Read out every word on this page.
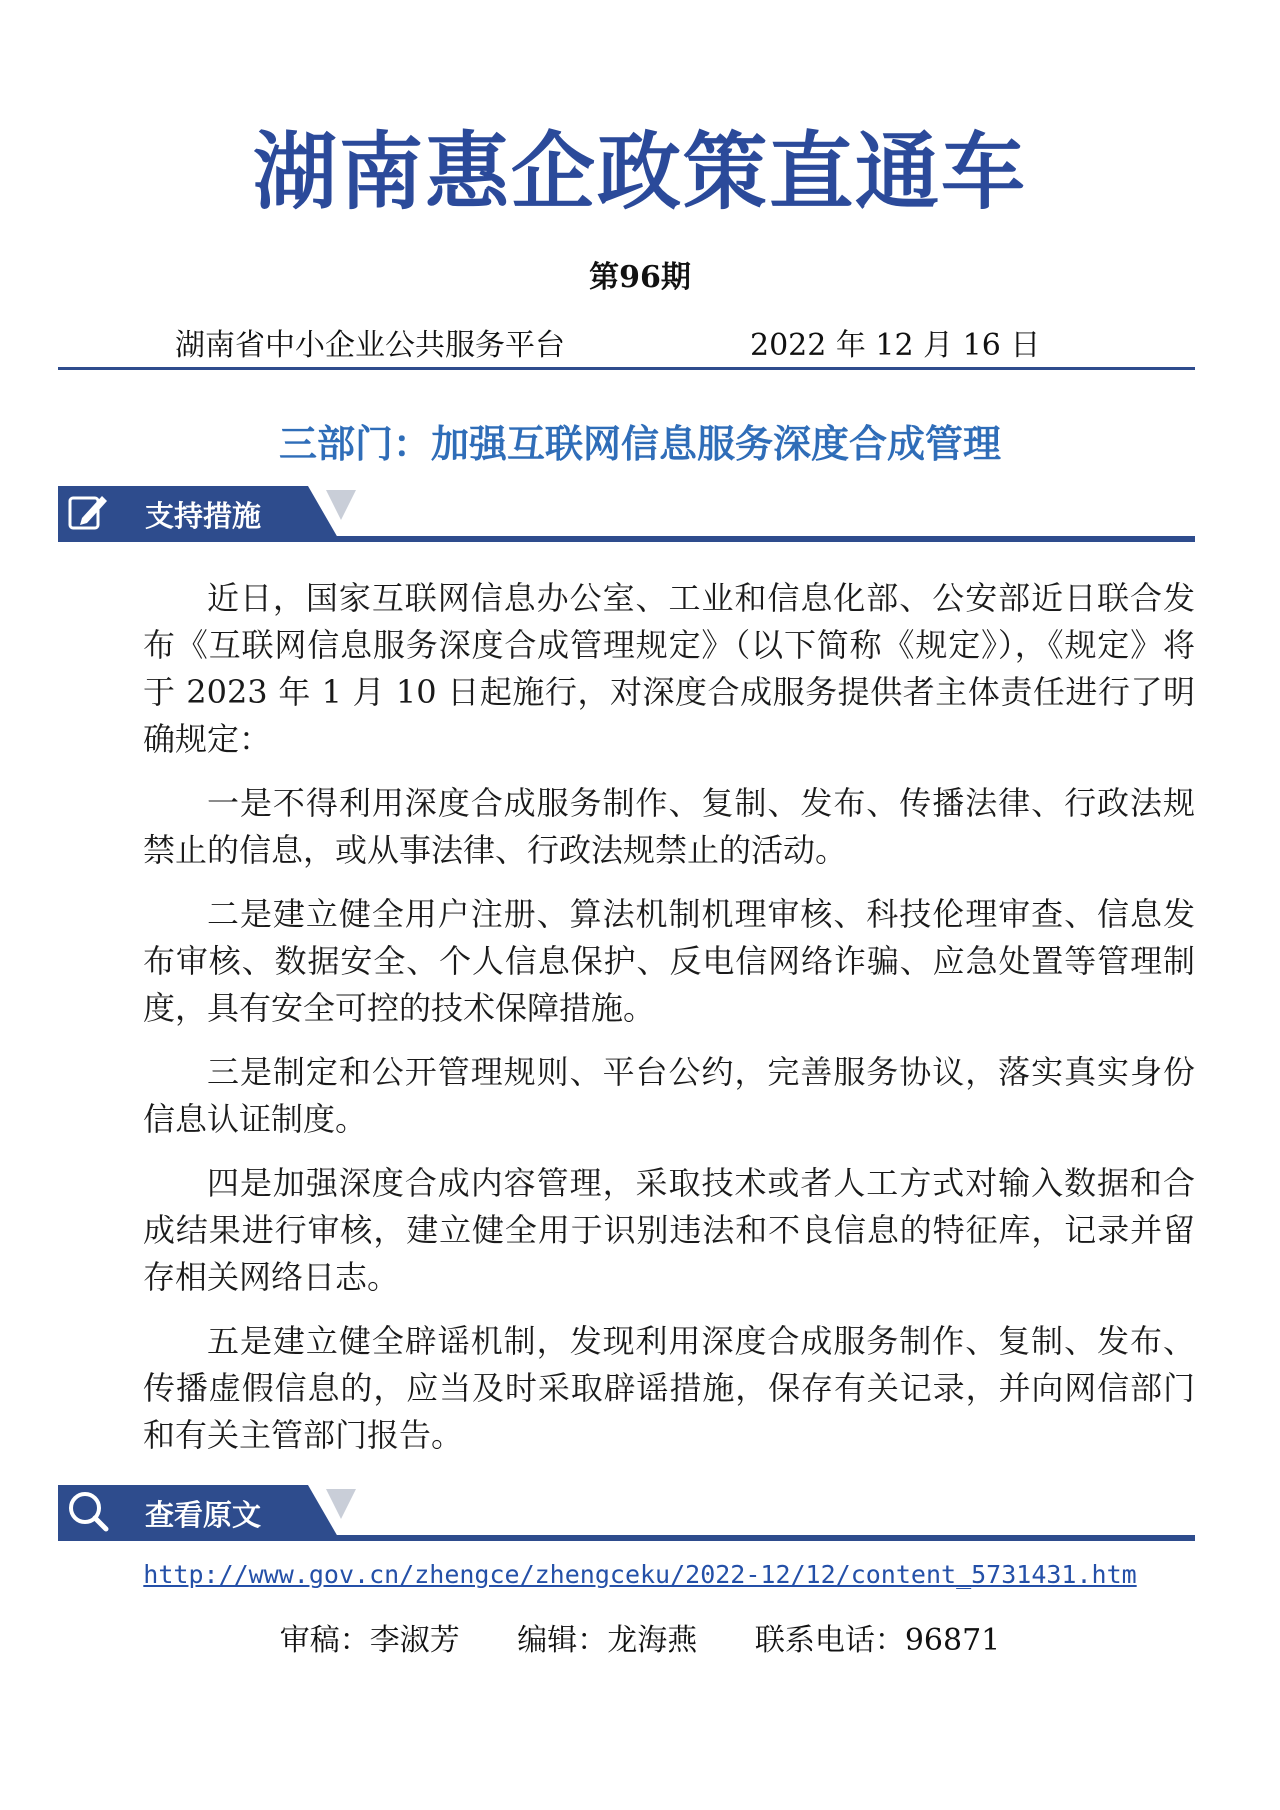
湖南惠企政策直通车
第96期
湖南省中小企业公共服务平台	2022 年 12 月 16 日
三部门：加强互联网信息服务深度合成管理
支持措施

近日，国家互联网信息办公室、工业和信息化部、公安部近日联合发布《互联网信息服务深度合成管理规定》（以下简称《规定》），《规定》将于 2023 年 1 月 10 日起施行，对深度合成服务提供者主体责任进行了明确规定：

一是不得利用深度合成服务制作、复制、发布、传播法律、行政法规禁止的信息，或从事法律、行政法规禁止的活动。

二是建立健全用户注册、算法机制机理审核、科技伦理审查、信息发布审核、数据安全、个人信息保护、反电信网络诈骗、应急处置等管理制度，具有安全可控的技术保障措施。

三是制定和公开管理规则、平台公约，完善服务协议，落实真实身份信息认证制度。

四是加强深度合成内容管理，采取技术或者人工方式对输入数据和合成结果进行审核，建立健全用于识别违法和不良信息的特征库，记录并留存相关网络日志。

五是建立健全辟谣机制，发现利用深度合成服务制作、复制、发布、传播虚假信息的，应当及时采取辟谣措施，保存有关记录，并向网信部门和有关主管部门报告。

查看原文
http://www.gov.cn/zhengce/zhengceku/2022-12/12/content_5731431.htm
审稿：李淑芳 编辑：龙海燕 联系电话：96871
